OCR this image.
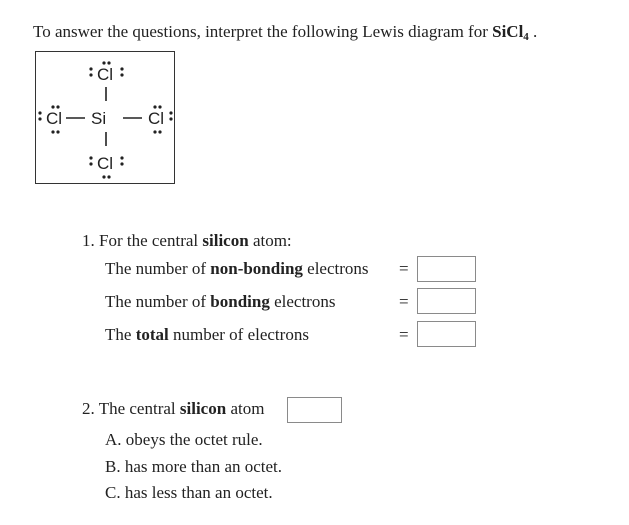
To answer the questions, interpret the following Lewis diagram for SiCl$_4$ .
Cl
Cl Si Cl
Cl
1. For the central silicon atom:
The number of non-bonding electrons =
The number of bonding electrons	=
The total number of electrons	=
2. The central silicon atom
A. obeys the octet rule.
B. has more than an octet.
C. has less than an octet.
